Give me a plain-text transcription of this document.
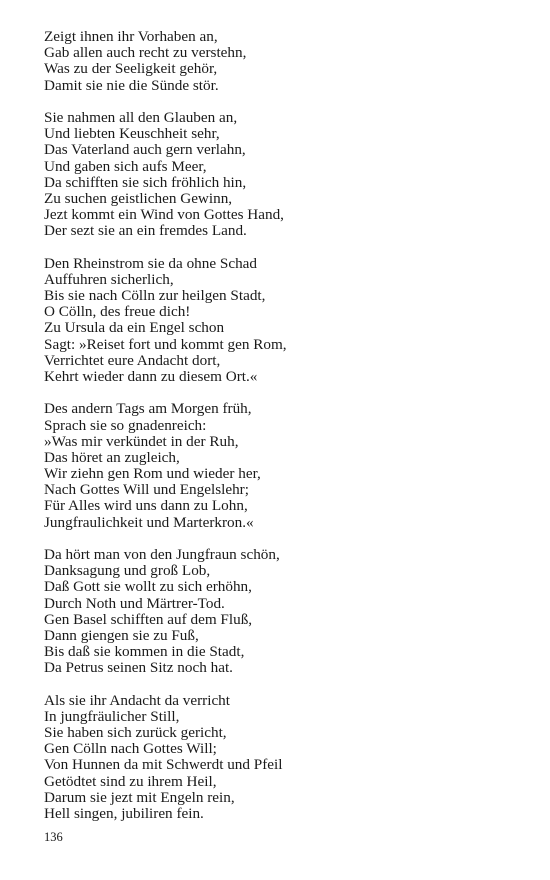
Zeigt ihnen ihr Vorhaben an,
Gab allen auch recht zu verstehn,
Was zu der Seeligkeit gehör,
Damit sie nie die Sünde stör.
Sie nahmen all den Glauben an,
Und liebten Keuschheit sehr,
Das Vaterland auch gern verlahn,
Und gaben sich aufs Meer,
Da schifften sie sich fröhlich hin,
Zu suchen geistlichen Gewinn,
Jezt kommt ein Wind von Gottes Hand,
Der sezt sie an ein fremdes Land.
Den Rheinstrom sie da ohne Schad
Auffuhren sicherlich,
Bis sie nach Cölln zur heilgen Stadt,
O Cölln, des freue dich!
Zu Ursula da ein Engel schon
Sagt: »Reiset fort und kommt gen Rom,
Verrichtet eure Andacht dort,
Kehrt wieder dann zu diesem Ort.«
Des andern Tags am Morgen früh,
Sprach sie so gnadenreich:
»Was mir verkündet in der Ruh,
Das höret an zugleich,
Wir ziehn gen Rom und wieder her,
Nach Gottes Will und Engelslehr;
Für Alles wird uns dann zu Lohn,
Jungfraulichkeit und Marterkron.«
Da hört man von den Jungfraun schön,
Danksagung und groß Lob,
Daß Gott sie wollt zu sich erhöhn,
Durch Noth und Märtrer-Tod.
Gen Basel schifften auf dem Fluß,
Dann giengen sie zu Fuß,
Bis daß sie kommen in die Stadt,
Da Petrus seinen Sitz noch hat.
Als sie ihr Andacht da verricht
In jungfräulicher Still,
Sie haben sich zurück gericht,
Gen Cölln nach Gottes Will;
Von Hunnen da mit Schwerdt und Pfeil
Getödtet sind zu ihrem Heil,
Darum sie jezt mit Engeln rein,
Hell singen, jubiliren fein.
136
